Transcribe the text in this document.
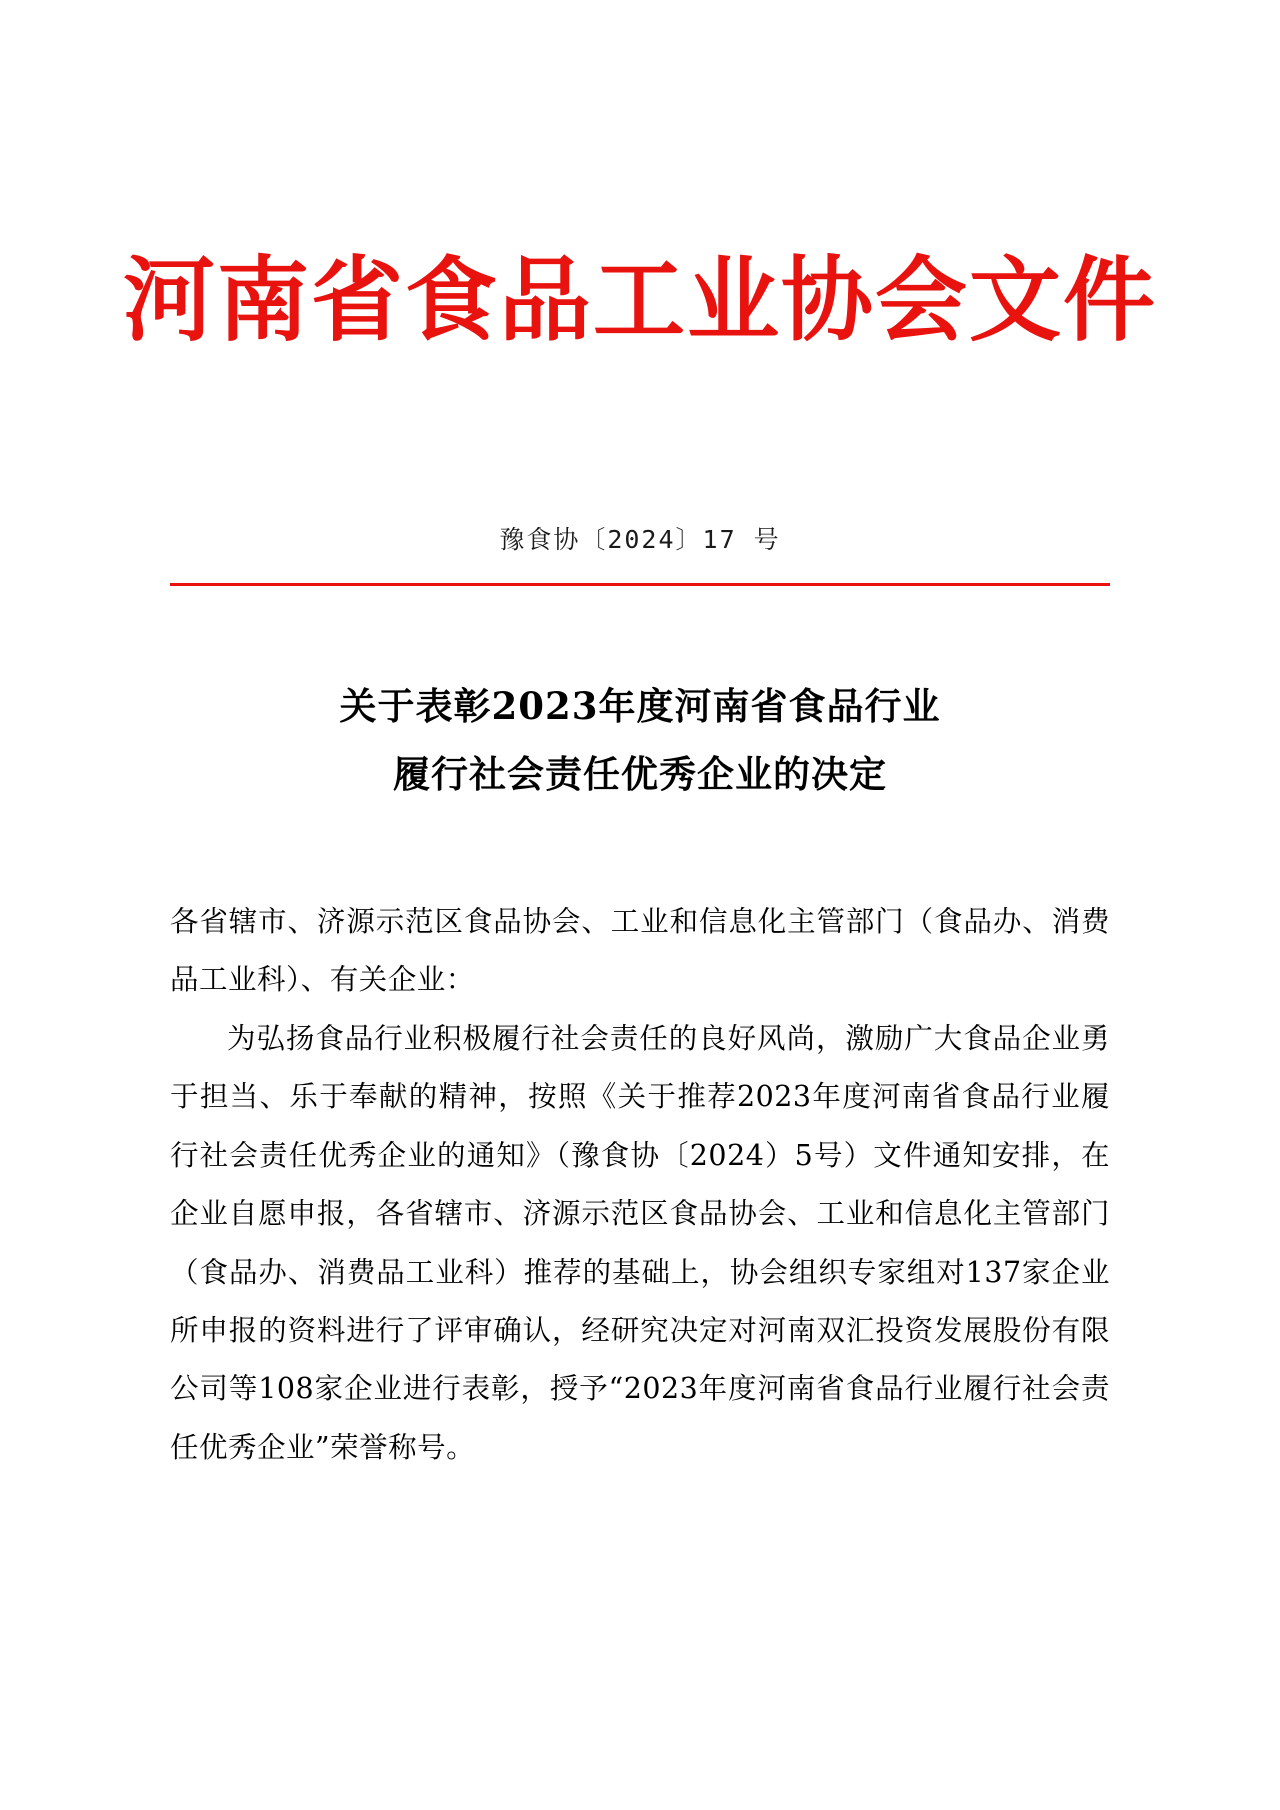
河南省食品工业协会文件
豫食协〔2024〕17 号
关于表彰2023年度河南省食品行业
履行社会责任优秀企业的决定

各省辖市、济源示范区食品协会、工业和信息化主管部门（食品办、消费品工业科）、有关企业：

为弘扬食品行业积极履行社会责任的良好风尚，激励广大食品企业勇于担当、乐于奉献的精神，按照《关于推荐2023年度河南省食品行业履行社会责任优秀企业的通知》（豫食协〔2024）5号）文件通知安排，在企业自愿申报，各省辖市、济源示范区食品协会、工业和信息化主管部门（食品办、消费品工业科）推荐的基础上，协会组织专家组对137家企业所申报的资料进行了评审确认，经研究决定对河南双汇投资发展股份有限公司等108家企业进行表彰，授予“2023年度河南省食品行业履行社会责任优秀企业”荣誉称号。
